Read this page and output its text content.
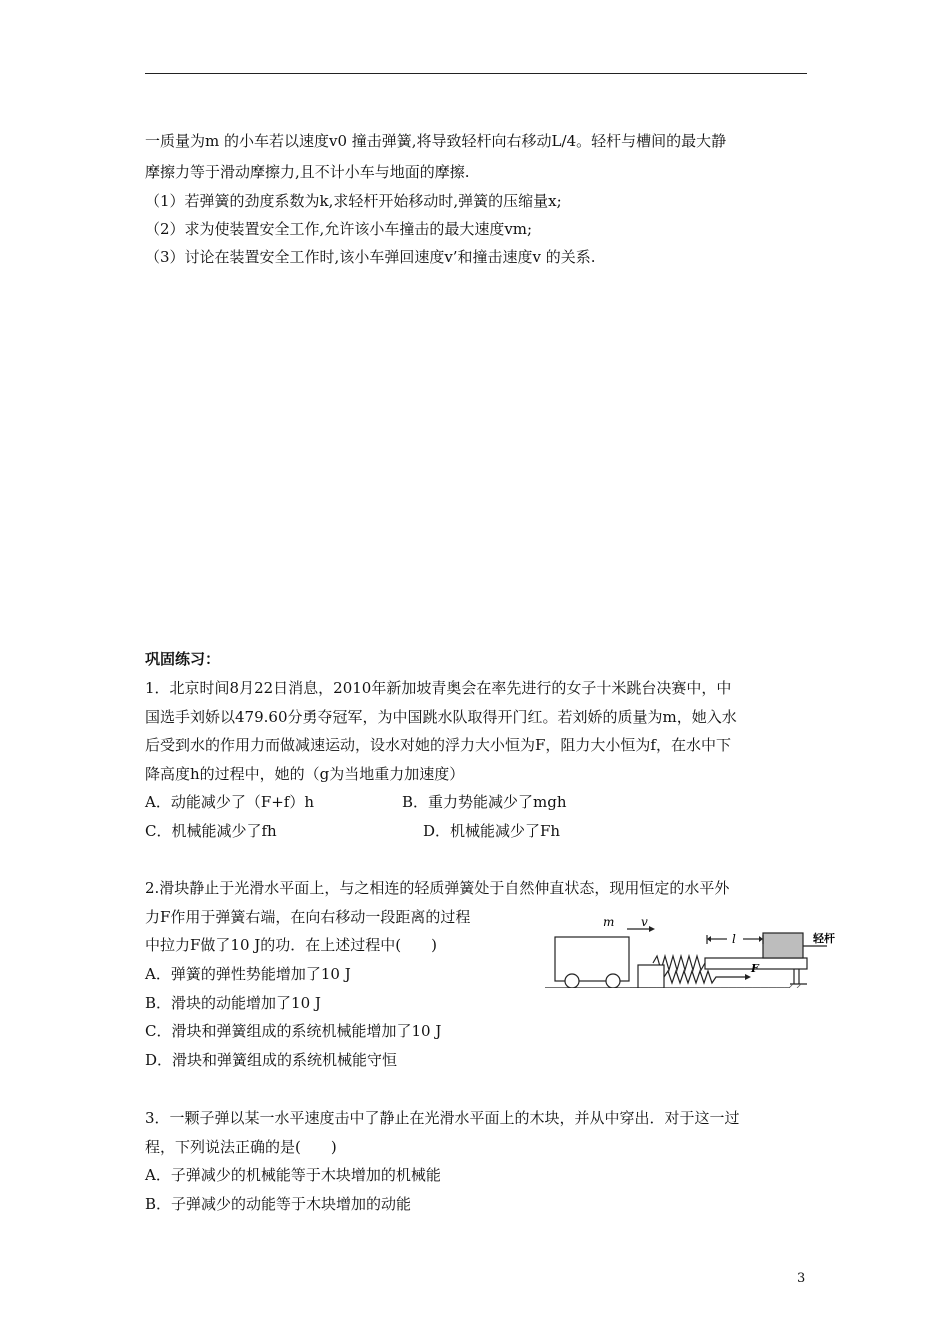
一质量为m 的小车若以速度v0 撞击弹簧,将导致轻杆向右移动L/4。轻杆与槽间的最大静
摩擦力等于滑动摩擦力,且不计小车与地面的摩擦.
（1）若弹簧的劲度系数为k,求轻杆开始移动时,弹簧的压缩量x;
（2）求为使装置安全工作,允许该小车撞击的最大速度vm;
（3）讨论在装置安全工作时,该小车弹回速度v’和撞击速度v 的关系.
巩固练习：
1．北京时间8月22日消息，2010年新加坡青奥会在率先进行的女子十米跳台决赛中，中
国选手刘娇以479.60分勇夺冠军，为中国跳水队取得开门红。若刘娇的质量为m，她入水
后受到水的作用力而做减速运动，设水对她的浮力大小恒为F，阻力大小恒为f，在水中下
降高度h的过程中，她的（g为当地重力加速度）
A．动能减少了（F+f）h	B．重力势能减少了mgh
C．机械能减少了fh	D．机械能减少了Fh
2.滑块静止于光滑水平面上，与之相连的轻质弹簧处于自然伸直状态，现用恒定的水平外
力F作用于弹簧右端，在向右移动一段距离的过程
中拉力F做了10 J的功．在上述过程中(　　)
A．弹簧的弹性势能增加了10 J
B．滑块的动能增加了10 J
C．滑块和弹簧组成的系统机械能增加了10 J
D．滑块和弹簧组成的系统机械能守恒
m v
l
F
轻杆
3．一颗子弹以某一水平速度击中了静止在光滑水平面上的木块，并从中穿出．对于这一过
程，下列说法正确的是(　　)
A．子弹减少的机械能等于木块增加的机械能
B．子弹减少的动能等于木块增加的动能
3
